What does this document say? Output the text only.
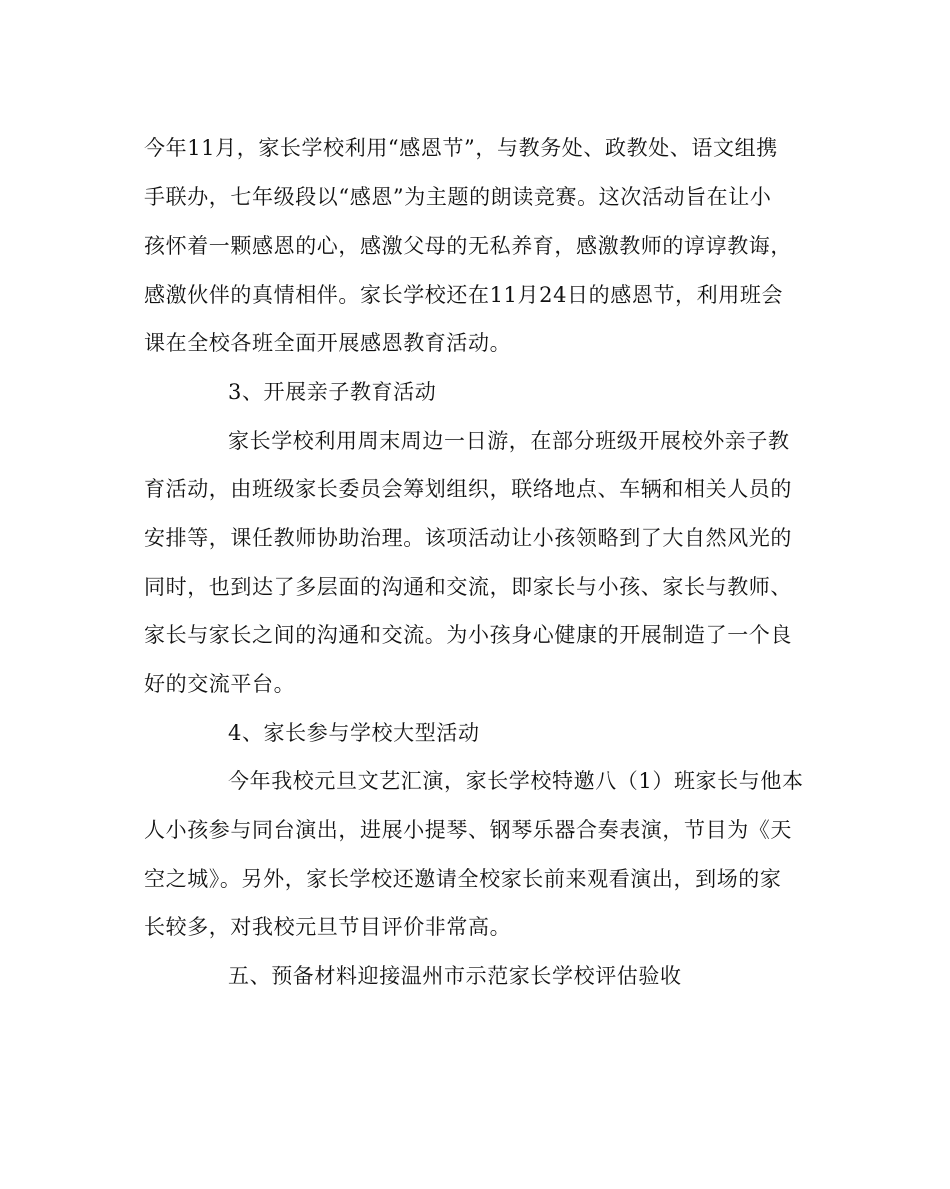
今年11月，家长学校利用“感恩节”，与教务处、政教处、语文组携
手联办，七年级段以“感恩”为主题的朗读竞赛。这次活动旨在让小
孩怀着一颗感恩的心，感激父母的无私养育，感激教师的谆谆教诲，
感激伙伴的真情相伴。家长学校还在11月24日的感恩节，利用班会
课在全校各班全面开展感恩教育活动。
3、开展亲子教育活动
家长学校利用周末周边一日游，在部分班级开展校外亲子教
育活动，由班级家长委员会筹划组织，联络地点、车辆和相关人员的
安排等，课任教师协助治理。该项活动让小孩领略到了大自然风光的
同时，也到达了多层面的沟通和交流，即家长与小孩、家长与教师、
家长与家长之间的沟通和交流。为小孩身心健康的开展制造了一个良
好的交流平台。
4、家长参与学校大型活动
今年我校元旦文艺汇演，家长学校特邀八（1）班家长与他本
人小孩参与同台演出，进展小提琴、钢琴乐器合奏表演，节目为《天
空之城》。另外，家长学校还邀请全校家长前来观看演出，到场的家
长较多，对我校元旦节目评价非常高。
五、预备材料迎接温州市示范家长学校评估验收
